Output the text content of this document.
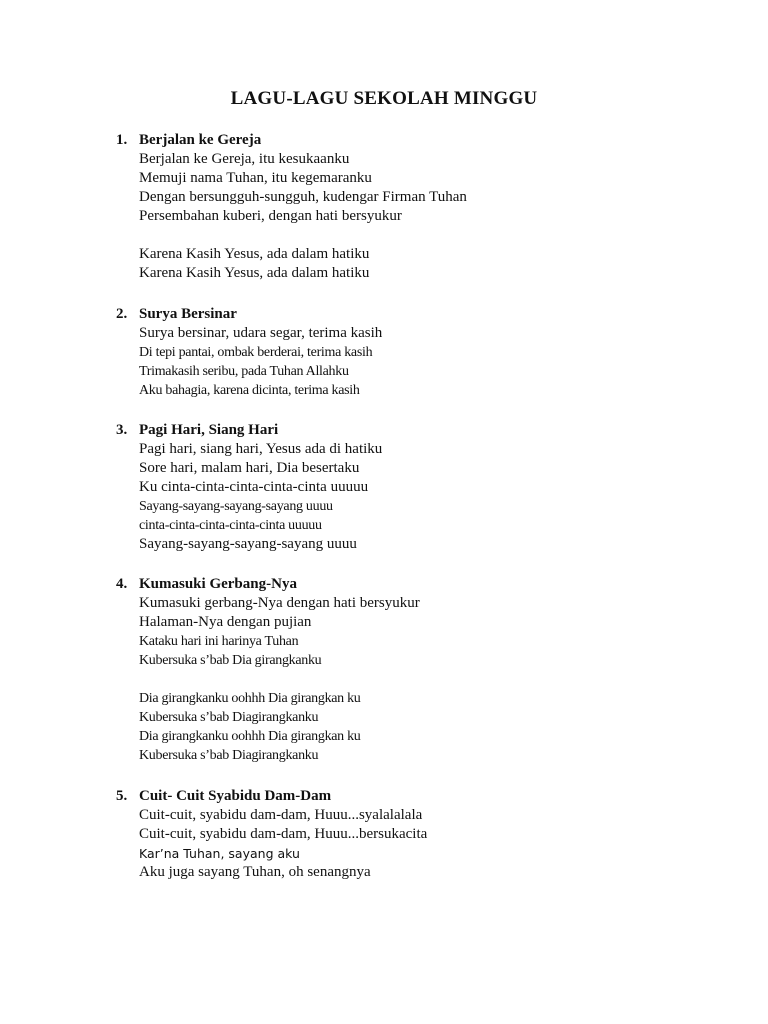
LAGU-LAGU SEKOLAH MINGGU
1. Berjalan ke Gereja
Berjalan ke Gereja, itu kesukaanku
Memuji nama Tuhan, itu kegemaranku
Dengan bersungguh-sungguh, kudengar Firman Tuhan
Persembahan kuberi, dengan hati bersyukur
Karena Kasih Yesus, ada dalam hatiku
Karena Kasih Yesus, ada dalam hatiku
2. Surya Bersinar
Surya bersinar, udara segar, terima kasih
Di tepi pantai, ombak berderai, terima kasih
Trimakasih seribu, pada Tuhan Allahku
Aku bahagia, karena dicinta, terima kasih
3. Pagi Hari, Siang Hari
Pagi hari, siang hari, Yesus ada di hatiku
Sore hari, malam hari, Dia besertaku
Ku cinta-cinta-cinta-cinta-cinta uuuuu
Sayang-sayang-sayang-sayang uuuu
cinta-cinta-cinta-cinta-cinta uuuuu
Sayang-sayang-sayang-sayang uuuu
4. Kumasuki Gerbang-Nya
Kumasuki gerbang-Nya dengan hati bersyukur
Halaman-Nya dengan pujian
Kataku hari ini harinya Tuhan
Kubersuka s’bab Dia girangkanku
Dia girangkanku oohhh Dia girangkan ku
Kubersuka s’bab Diagirangkanku
Dia girangkanku oohhh Dia girangkan ku
Kubersuka s’bab Diagirangkanku
5. Cuit- Cuit Syabidu Dam-Dam
Cuit-cuit, syabidu dam-dam, Huuu...syalalalala
Cuit-cuit, syabidu dam-dam, Huuu...bersukacita
Kar’na Tuhan, sayang aku
Aku juga sayang Tuhan, oh senangnya
